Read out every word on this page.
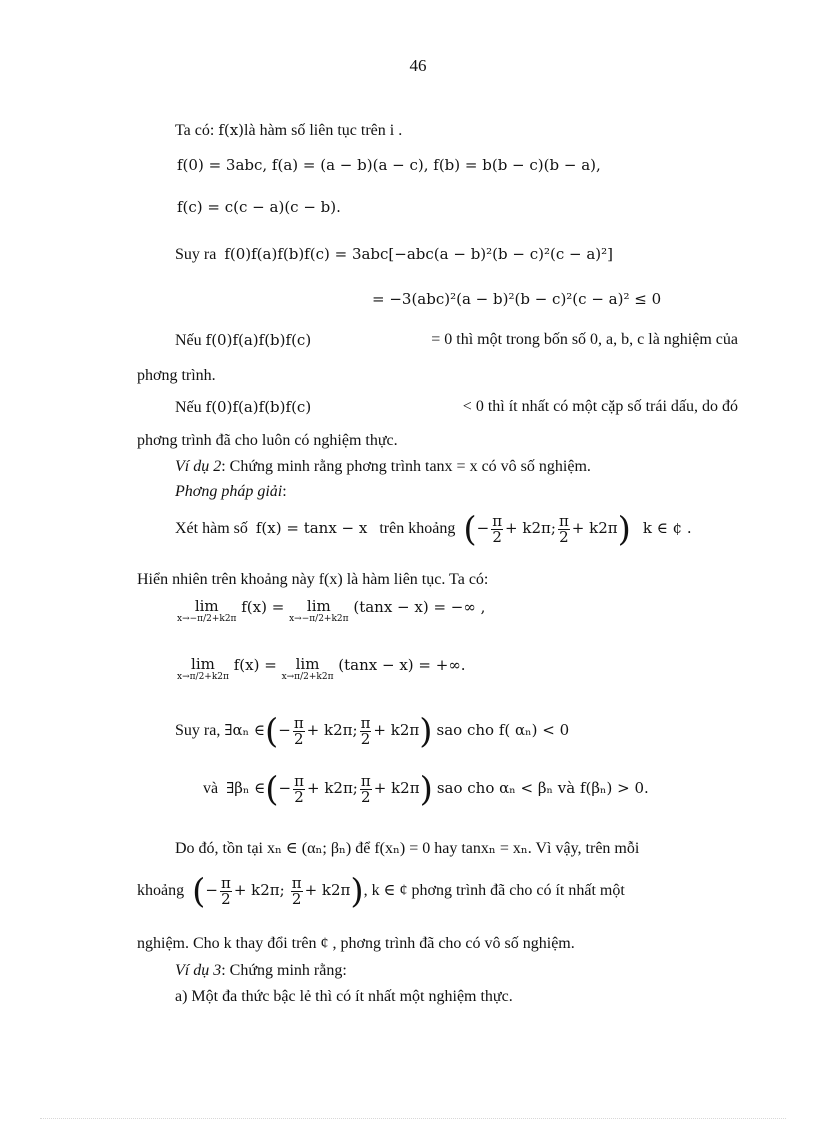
46
Ta có: f(x)là hàm số liên tục trên i .
f(0) = 3abc, f(a) = (a − b)(a − c), f(b) = b(b − c)(b − a),
f(c) = c(c − a)(c − b).
Suy ra f(0)f(a)f(b)f(c) = 3abc[−abc(a − b)²(b − c)²(c − a)²]
= −3(abc)²(a − b)²(b − c)²(c − a)² ≤ 0
Nếu f(0)f(a)f(b)f(c)	= 0 thì một trong bốn số 0, a, b, c là nghiệm của
phơng trình.
Nếu f(0)f(a)f(b)f(c)	< 0 thì ít nhất có một cặp số trái dấu, do đó
phơng trình đã cho luôn có nghiệm thực.
Ví dụ 2: Chứng minh rằng phơng trình tanx = x có vô số nghiệm.
Phơng pháp giải:
Xét hàm số f(x) = tanx − x trên khoảng (− $\frac{\pi}{2} + k2\pi$; $\frac{\pi}{2} + k2\pi$) k ∈ ¢ .
Hiển nhiên trên khoảng này f(x) là hàm liên tục. Ta có:
lim
x→−π/2+k2π
f(x) =	lim
x→−π/2+k2π
(tanx − x) = −∞ ,
lim
x→π/2+k2π
f(x) =	lim
x→π/2+k2π
(tanx − x) = +∞.
Suy ra, ∃αₙ ∈(− $\frac{\pi}{2} + k2\pi$; $\frac{\pi}{2} + k2\pi$) sao cho f( αₙ) < 0
và ∃βₙ ∈(− $\frac{\pi}{2} + k2\pi$; $\frac{\pi}{2} + k2\pi$) sao cho αₙ < βₙ và f(βₙ) > 0.
Do đó, tồn tại xₙ ∈ (αₙ; βₙ) để f(xₙ) = 0 hay tanxₙ = xₙ. Vì vậy, trên mỗi
khoảng (− $\frac{\pi}{2} + k2\pi$; $\frac{\pi}{2} + k2\pi$), k ∈ ¢ phơng trình đã cho có ít nhất một
nghiệm. Cho k thay đổi trên ¢ , phơng trình đã cho có vô số nghiệm.
Ví dụ 3: Chứng minh rằng:
a) Một đa thức bậc lẻ thì có ít nhất một nghiệm thực.
